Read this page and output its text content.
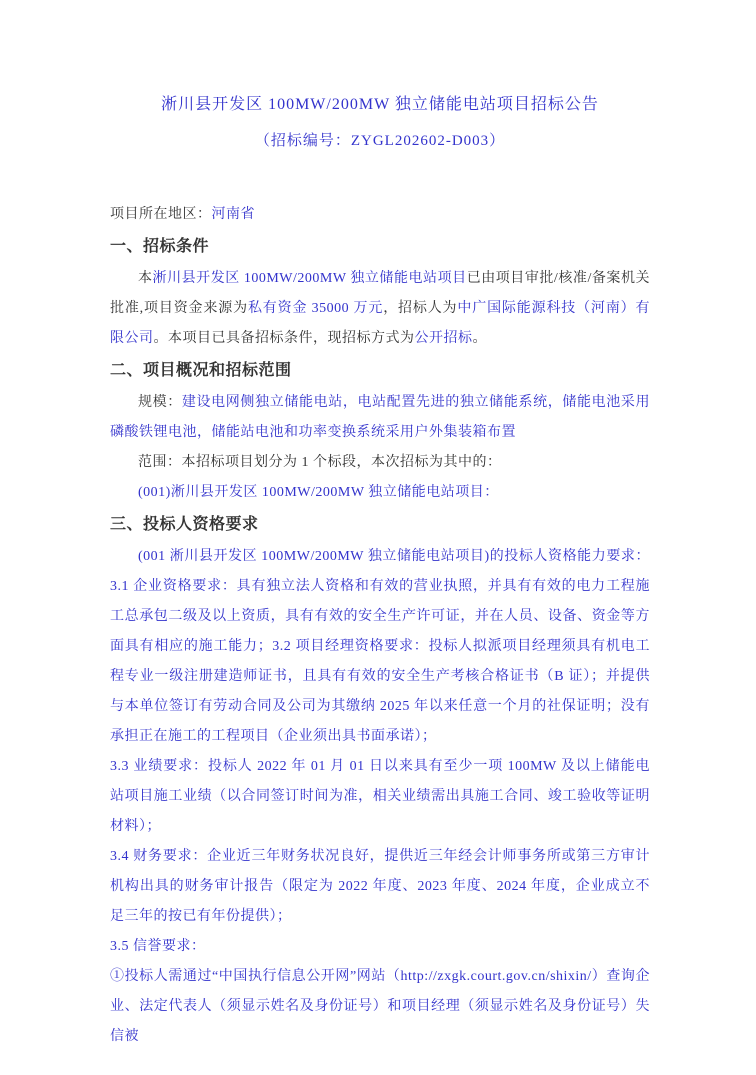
淅川县开发区 100MW/200MW 独立储能电站项目招标公告
（招标编号：ZYGL202602-D003）

项目所在地区：河南省

一、招标条件

本淅川县开发区 100MW/200MW 独立储能电站项目已由项目审批/核准/备案机关批准,项目资金来源为私有资金 35000 万元，招标人为中广国际能源科技（河南）有限公司。本项目已具备招标条件，现招标方式为公开招标。

二、项目概况和招标范围

规模：建设电网侧独立储能电站，电站配置先进的独立储能系统，储能电池采用磷酸铁锂电池，储能站电池和功率变换系统采用户外集装箱布置

范围：本招标项目划分为 1 个标段，本次招标为其中的：

(001)淅川县开发区 100MW/200MW 独立储能电站项目：

三、投标人资格要求

(001 淅川县开发区 100MW/200MW 独立储能电站项目)的投标人资格能力要求：3.1 企业资格要求：具有独立法人资格和有效的营业执照，并具有有效的电力工程施工总承包二级及以上资质，具有有效的安全生产许可证，并在人员、设备、资金等方面具有相应的施工能力；3.2 项目经理资格要求：投标人拟派项目经理须具有机电工程专业一级注册建造师证书，且具有有效的安全生产考核合格证书（B 证）；并提供与本单位签订有劳动合同及公司为其缴纳 2025 年以来任意一个月的社保证明；没有承担正在施工的工程项目（企业须出具书面承诺）；

3.3 业绩要求：投标人 2022 年 01 月 01 日以来具有至少一项 100MW 及以上储能电站项目施工业绩（以合同签订时间为准，相关业绩需出具施工合同、竣工验收等证明材料）；

3.4 财务要求：企业近三年财务状况良好，提供近三年经会计师事务所或第三方审计机构出具的财务审计报告（限定为 2022 年度、2023 年度、2024 年度，企业成立不足三年的按已有年份提供）；

3.5 信誉要求：

①投标人需通过“中国执行信息公开网”网站（http://zxgk.court.gov.cn/shixin/）查询企业、法定代表人（须显示姓名及身份证号）和项目经理（须显示姓名及身份证号）失信被
